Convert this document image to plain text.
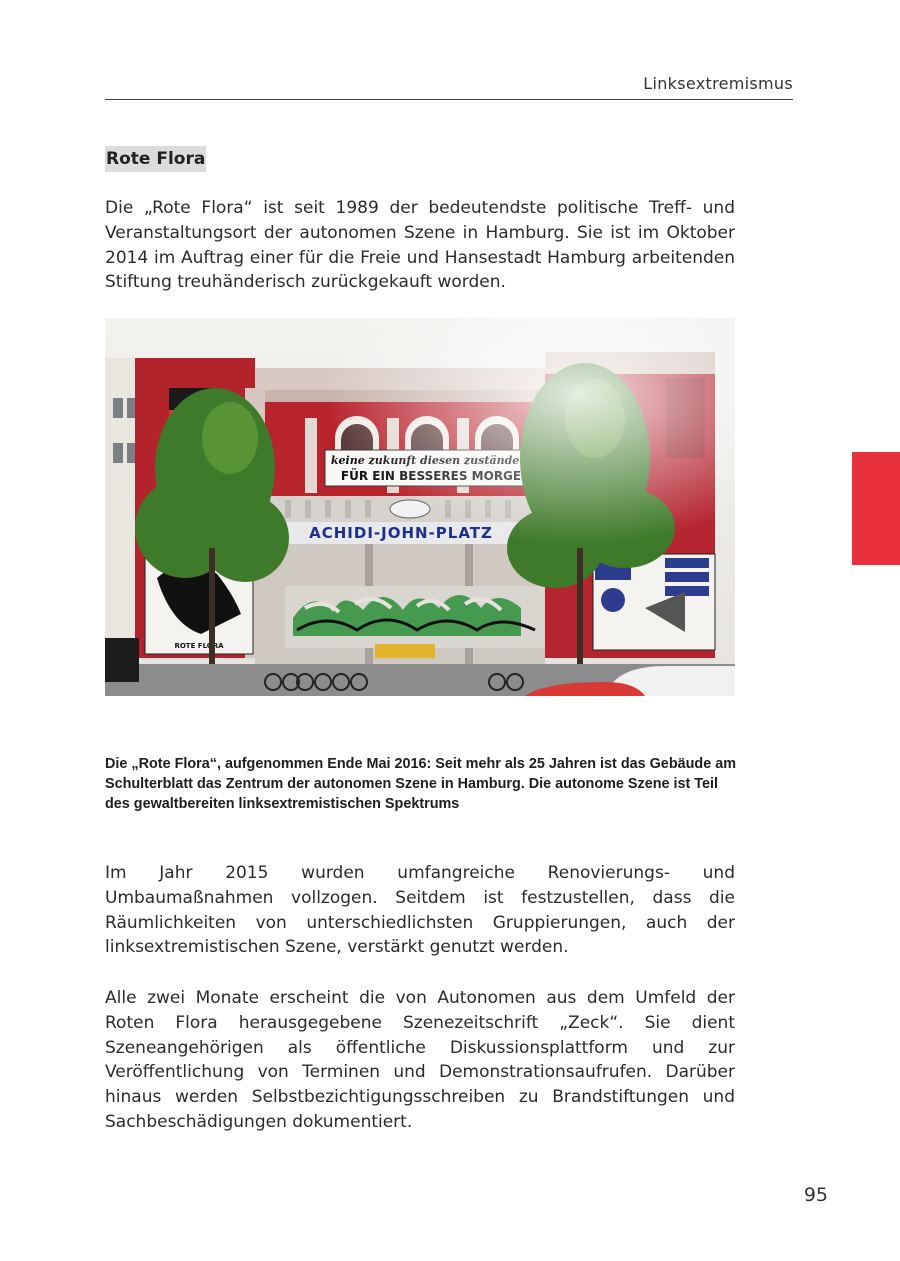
Linksextremismus
Rote Flora

Die „Rote Flora“ ist seit 1989 der bedeutendste politische Treff- und Veranstaltungsort der autonomen Szene in Hamburg. Sie ist im Oktober 2014 im Auftrag einer für die Freie und Hansestadt Hamburg arbeitenden Stiftung treuhänderisch zurückgekauft worden.

Die „Rote Flora“, aufgenommen Ende Mai 2016: Seit mehr als 25 Jahren ist das Gebäude am Schulterblatt das Zentrum der autonomen Szene in Hamburg. Die autonome Szene ist Teil des gewaltbereiten linksextremistischen Spektrums

Im Jahr 2015 wurden umfangreiche Renovierungs- und Umbaumaßnahmen vollzogen. Seitdem ist festzustellen, dass die Räumlichkeiten von unterschiedlichsten Gruppierungen, auch der linksextremistischen Szene, verstärkt genutzt werden.

Alle zwei Monate erscheint die von Autonomen aus dem Umfeld der Roten Flora herausgegebene Szenezeitschrift „Zeck“. Sie dient Szeneangehörigen als öffentliche Diskussionsplattform und zur Veröffentlichung von Terminen und Demonstrationsaufrufen. Darüber hinaus werden Selbstbezichtigungsschreiben zu Brandstiftungen und Sachbeschädigungen dokumentiert.

95
